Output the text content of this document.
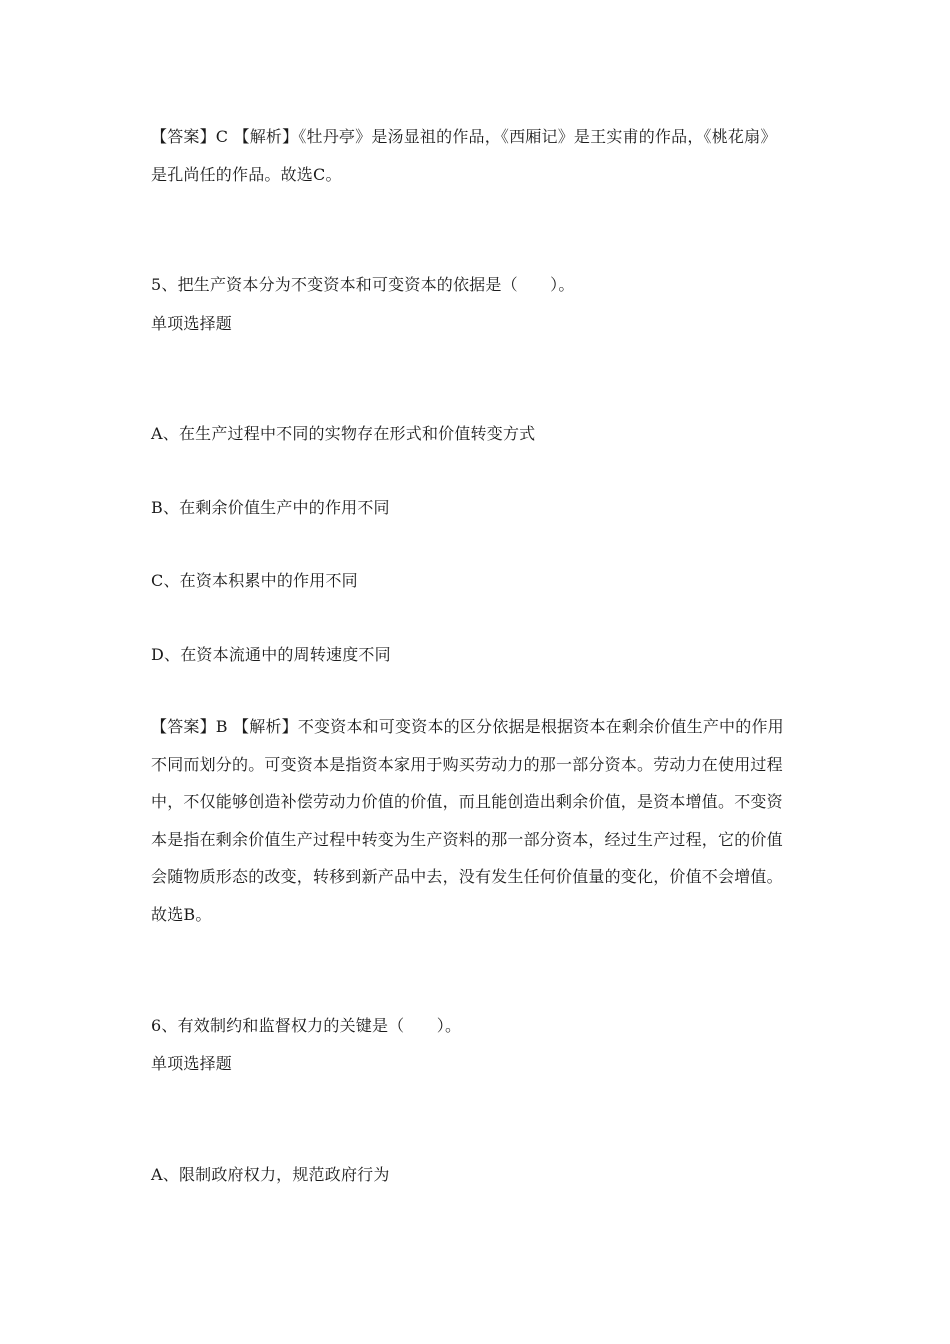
【答案】C 【解析】《牡丹亭》是汤显祖的作品，《西厢记》是王实甫的作品，《桃花扇》是孔尚任的作品。故选C。

5、把生产资本分为不变资本和可变资本的依据是（　　）。

单项选择题

A、在生产过程中不同的实物存在形式和价值转变方式

B、在剩余价值生产中的作用不同

C、在资本积累中的作用不同

D、在资本流通中的周转速度不同

【答案】B 【解析】不变资本和可变资本的区分依据是根据资本在剩余价值生产中的作用不同而划分的。可变资本是指资本家用于购买劳动力的那一部分资本。劳动力在使用过程中，不仅能够创造补偿劳动力价值的价值，而且能创造出剩余价值，是资本增值。不变资本是指在剩余价值生产过程中转变为生产资料的那一部分资本，经过生产过程，它的价值会随物质形态的改变，转移到新产品中去，没有发生任何价值量的变化，价值不会增值。故选B。

6、有效制约和监督权力的关键是（　　）。

单项选择题

A、限制政府权力，规范政府行为
